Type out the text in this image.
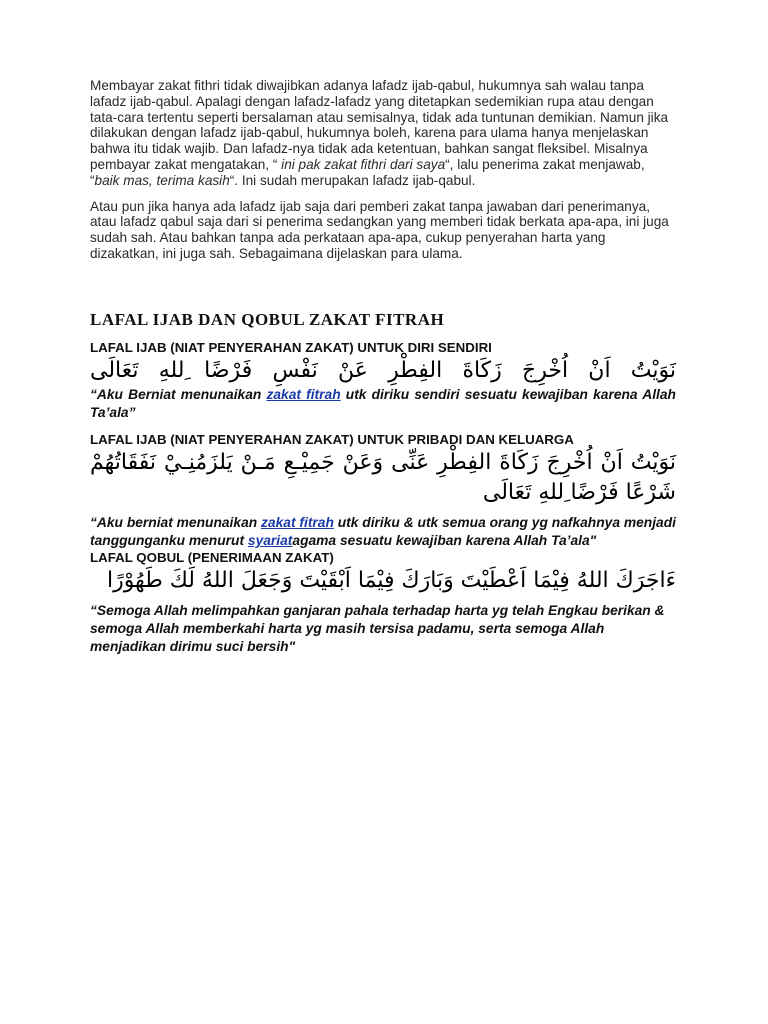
Membayar zakat fithri tidak diwajibkan adanya lafadz ijab-qabul, hukumnya sah walau tanpa lafadz ijab-qabul. Apalagi dengan lafadz-lafadz yang ditetapkan sedemikian rupa atau dengan tata-cara tertentu seperti bersalaman atau semisalnya, tidak ada tuntunan demikian. Namun jika dilakukan dengan lafadz ijab-qabul, hukumnya boleh, karena para ulama hanya menjelaskan bahwa itu tidak wajib. Dan lafadz-nya tidak ada ketentuan, bahkan sangat fleksibel. Misalnya pembayar zakat mengatakan, “ ini pak zakat fithri dari saya“, lalu penerima zakat menjawab, “baik mas, terima kasih“. Ini sudah merupakan lafadz ijab-qabul.

Atau pun jika hanya ada lafadz ijab saja dari pemberi zakat tanpa jawaban dari penerimanya, atau lafadz qabul saja dari si penerima sedangkan yang memberi tidak berkata apa-apa, ini juga sudah sah. Atau bahkan tanpa ada perkataan apa-apa, cukup penyerahan harta yang dizakatkan, ini juga sah. Sebagaimana dijelaskan para ulama.

LAFAL IJAB DAN QOBUL ZAKAT FITRAH

LAFAL IJAB (NIAT PENYERAHAN ZAKAT) UNTUK DIRI SENDIRI

نَوَيْتُ اَنْ اُخْرِجَ زَكَاةَ الفِطْرِ عَنْ نَفْسِ فَرْضًا ِللهِ تَعَالَى

“Aku Berniat menunaikan zakat fitrah utk diriku sendiri sesuatu kewajiban karena Allah Ta’ala”

LAFAL IJAB (NIAT PENYERAHAN ZAKAT) UNTUK PRIBADI DAN KELUARGA

نَوَيْتُ اَنْ اُخْرِجَ زَكَاةَ الفِطْرِ عَنِّى وَعَنْ جَمِيْـعِ مَـنْ يَلزَمُنِـيْ نَفَقَاتُهُمْ شَرْعًا فَرْضًا ِللهِ تَعَالَى

“Aku berniat menunaikan zakat fitrah utk diriku & utk semua orang yg nafkahnya menjadi tanggunganku menurut syariatagama sesuatu kewajiban karena Allah Ta’ala"

LAFAL QOBUL (PENERIMAAN ZAKAT)

ءَاجَرَكَ اللهُ فِيْمَا اَعْطَيْتَ وَبَارَكَ فِيْمَا اَبْقَيْتَ وَجَعَلَ اللهُ لَكَ طَهُوْرًا

“Semoga Allah melimpahkan ganjaran pahala terhadap harta yg telah Engkau berikan & semoga Allah memberkahi harta yg masih tersisa padamu, serta semoga Allah menjadikan dirimu suci bersih"
